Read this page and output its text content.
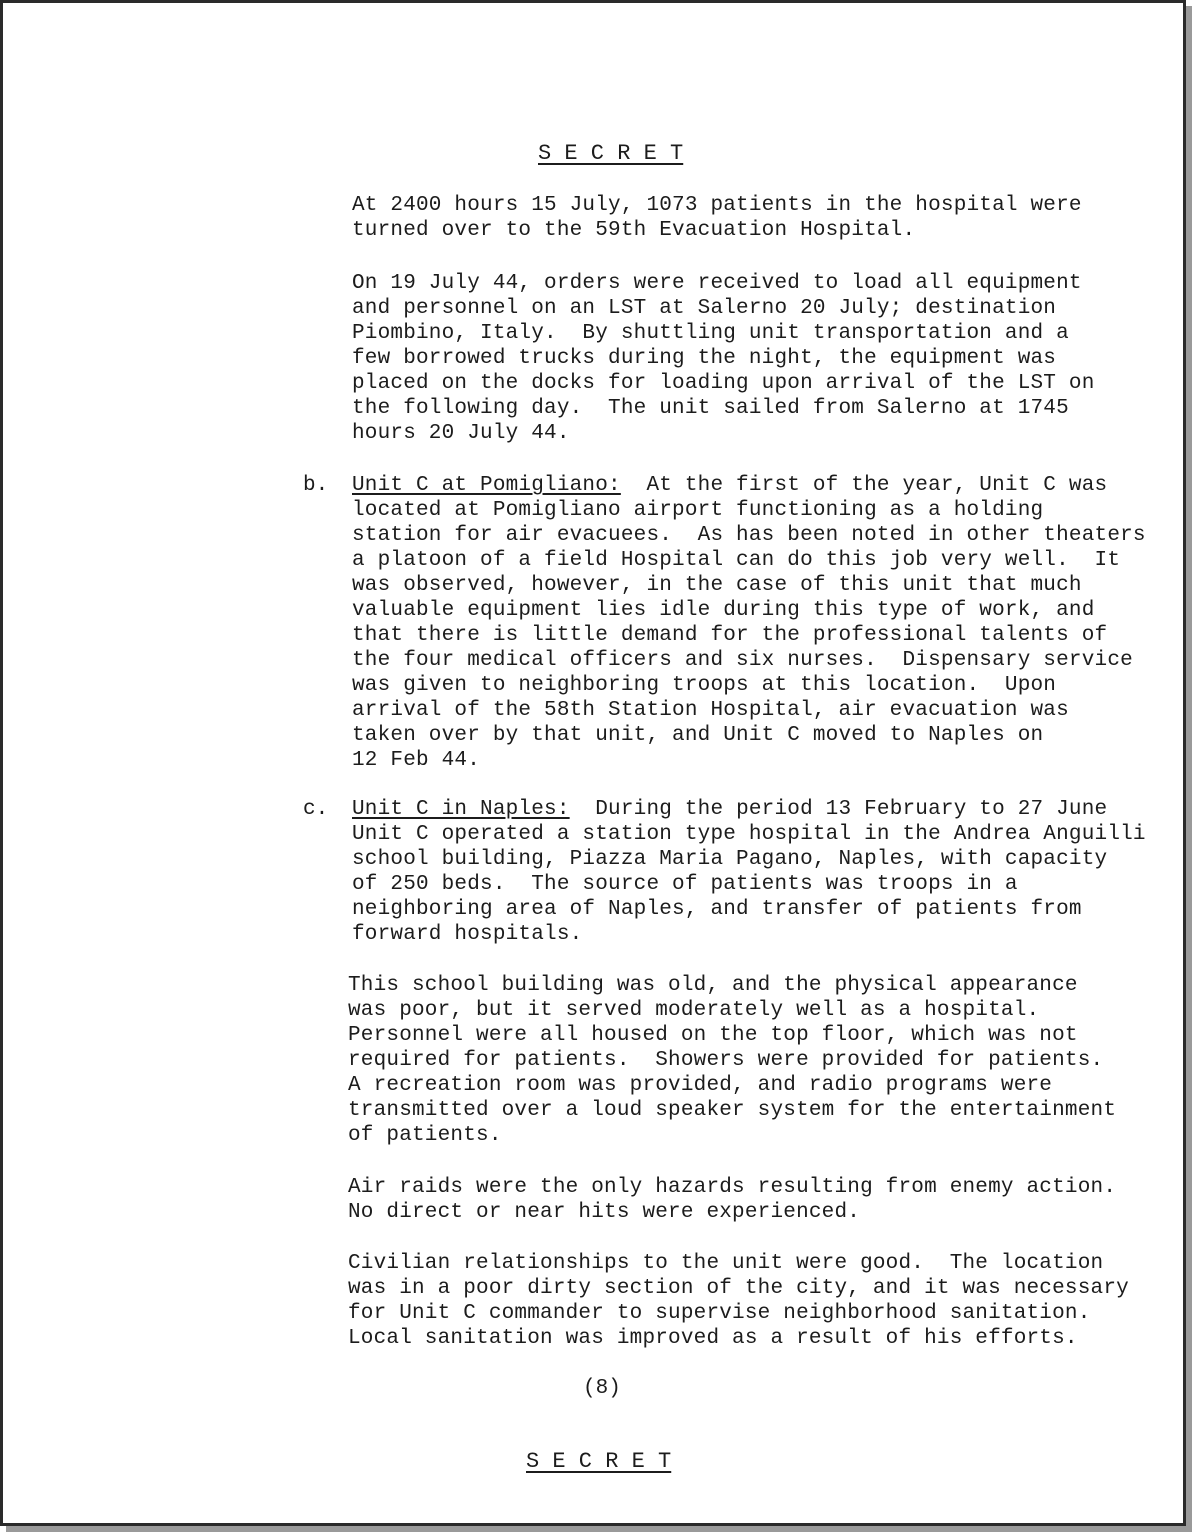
S E C R E T
At 2400 hours 15 July, 1073 patients in the hospital were
turned over to the 59th Evacuation Hospital.
On 19 July 44, orders were received to load all equipment
and personnel on an LST at Salerno 20 July; destination
Piombino, Italy.  By shuttling unit transportation and a
few borrowed trucks during the night, the equipment was
placed on the docks for loading upon arrival of the LST on
the following day.  The unit sailed from Salerno at 1745
hours 20 July 44.
b. Unit C at Pomigliano:  At the first of the year, Unit C was
located at Pomigliano airport functioning as a holding
station for air evacuees.  As has been noted in other theaters
a platoon of a field Hospital can do this job very well.  It
was observed, however, in the case of this unit that much
valuable equipment lies idle during this type of work, and
that there is little demand for the professional talents of
the four medical officers and six nurses.  Dispensary service
was given to neighboring troops at this location.  Upon
arrival of the 58th Station Hospital, air evacuation was
taken over by that unit, and Unit C moved to Naples on
12 Feb 44.
c. Unit C in Naples:  During the period 13 February to 27 June
Unit C operated a station type hospital in the Andrea Anguilli
school building, Piazza Maria Pagano, Naples, with capacity
of 250 beds.  The source of patients was troops in a
neighboring area of Naples, and transfer of patients from
forward hospitals.
This school building was old, and the physical appearance
was poor, but it served moderately well as a hospital.
Personnel were all housed on the top floor, which was not
required for patients.  Showers were provided for patients.
A recreation room was provided, and radio programs were
transmitted over a loud speaker system for the entertainment
of patients.
Air raids were the only hazards resulting from enemy action.
No direct or near hits were experienced.
Civilian relationships to the unit were good.  The location
was in a poor dirty section of the city, and it was necessary
for Unit C commander to supervise neighborhood sanitation.
Local sanitation was improved as a result of his efforts.
(8)
S E C R E T
